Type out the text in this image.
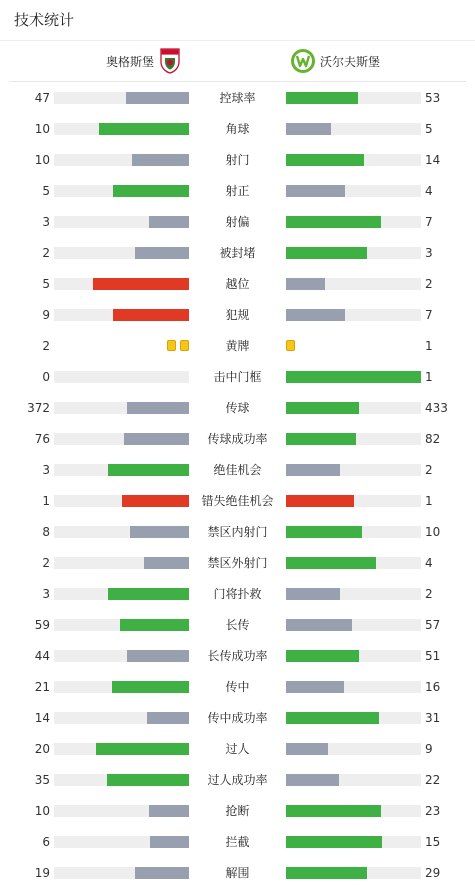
技术统计
奥格斯堡	沃尔夫斯堡
47	控球率	53
10	角球	5
10	射门	14
5	射正	4
3	射偏	7
2	被封堵	3
5	越位	2
9	犯规	7
2	黄牌	1
0	击中门框	1
372	传球	433
76	传球成功率	82
3	绝佳机会	2
1	错失绝佳机会	1
8	禁区内射门	10
2	禁区外射门	4
3	门将扑救	2
59	长传	57
44	长传成功率	51
21	传中	16
14	传中成功率	31
20	过人	9
35	过人成功率	22
10	抢断	23
6	拦截	15
19	解围	29
